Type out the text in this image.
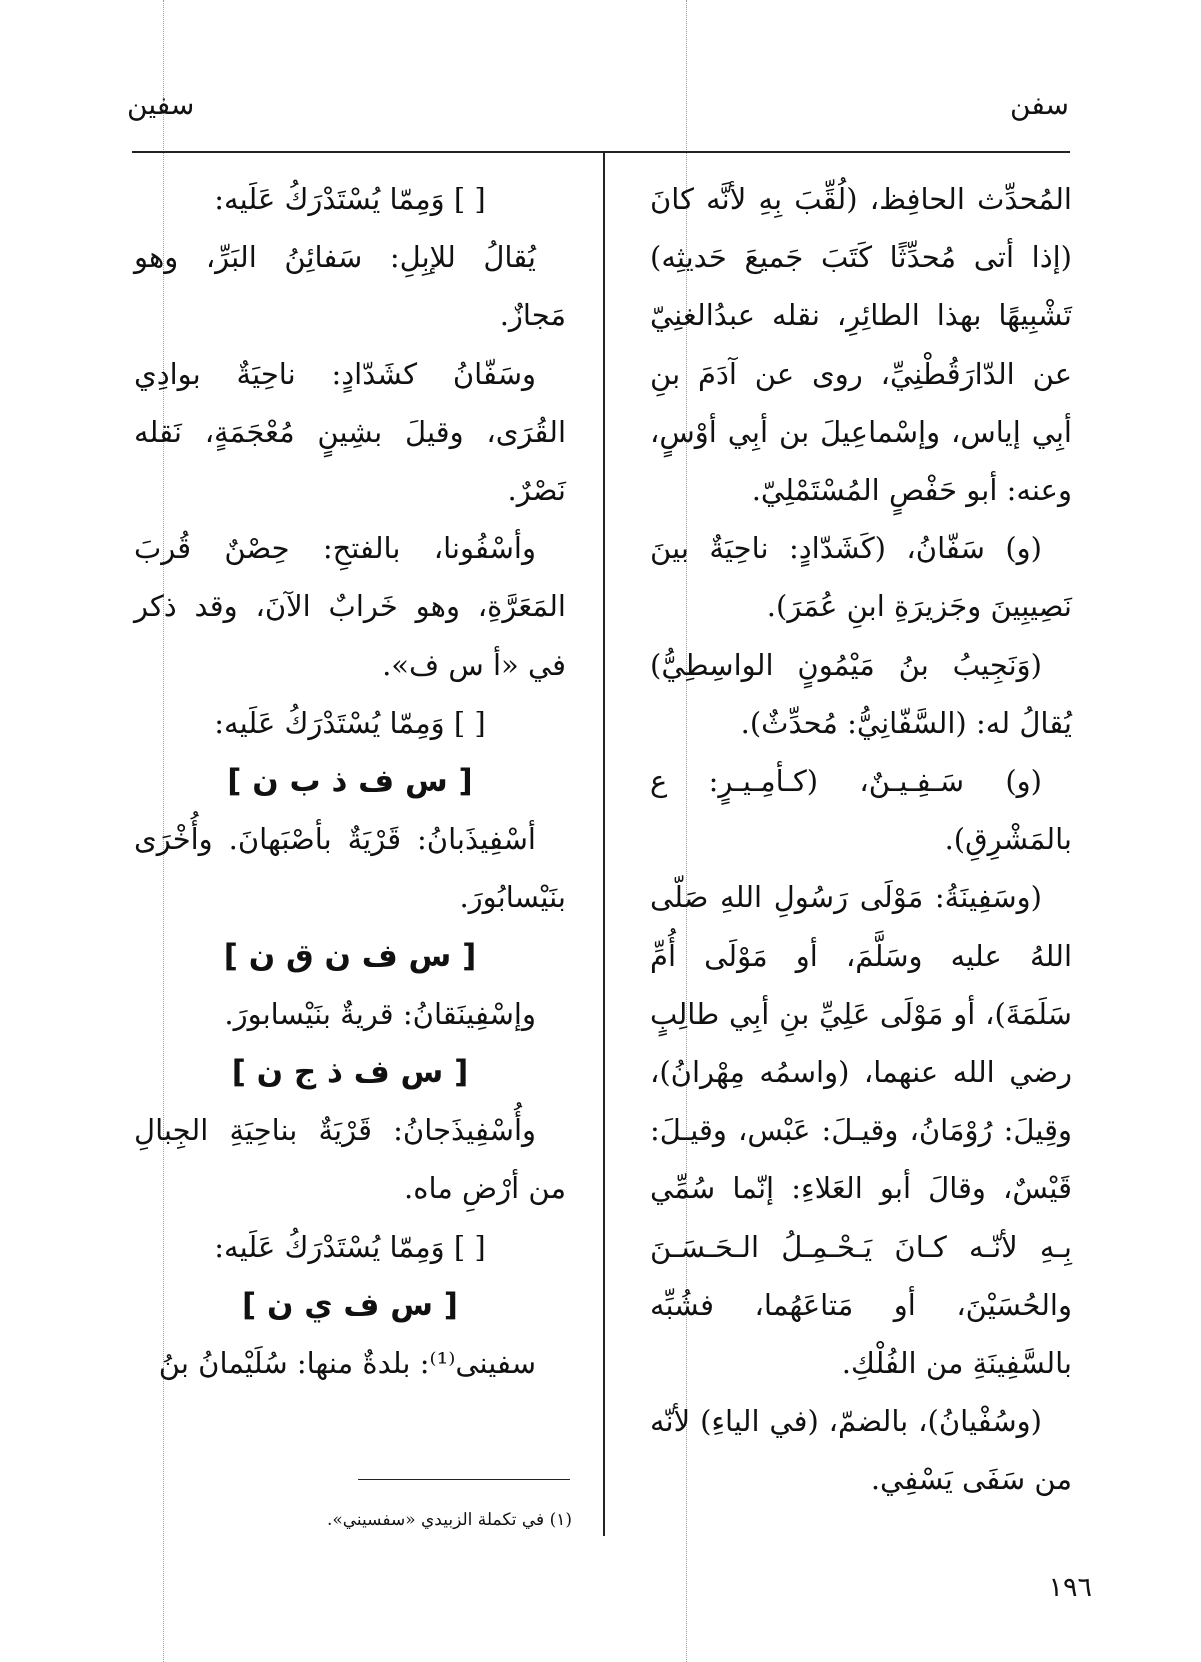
سفن
سفين

المُحدِّث الحافِظ، (لُقِّبَ بِهِ لأنَّه كانَ (إذا أتى مُحدِّثًا كَتَبَ جَميعَ حَديثِه) تَشْبِيهًا بهذا الطائِرِ، نقله عبدُالغنِيّ عن الدّارَقُطْنِيِّ، روى عن آدَمَ بنِ أبِي إياس، وإسْماعِيلَ بن أبِي أوْسٍ، وعنه: أبو حَفْصٍ المُسْتَمْلِيّ.

(و) سَفّانُ، (كَشَدّادٍ: ناحِيَةٌ بينَ نَصِيبِينَ وجَزيرَةِ ابنِ عُمَرَ).

(وَنَجِيبُ بنُ مَيْمُونٍ الواسِطِيُّ) يُقالُ له: (السَّفّانِيُّ: مُحدِّثٌ).

(و) سَـفِـيـنٌ، (كـأمِـيـرٍ: ع بالمَشْرِقِ).

(وسَفِينَةُ: مَوْلَى رَسُولِ اللهِ صَلّى اللهُ عليه وسَلَّمَ، أو مَوْلَى أُمِّ سَلَمَةَ)، أو مَوْلَى عَلِيِّ بنِ أبِي طالِبٍ رضي الله عنهما، (واسمُه مِهْرانُ)، وقِيلَ: رُوْمَانُ، وقيـلَ: عَبْس، وقيـلَ: قَيْسٌ، وقالَ أبو العَلاءِ: إنّما سُمِّي بِـهِ لأنّـه كـانَ يَـحْـمِـلُ الـحَـسَـنَ والحُسَيْنَ، أو مَتاعَهُما، فشُبِّه بالسَّفِينَةِ من الفُلْكِ.

(وسُفْيانُ)، بالضمّ، (في الياءِ) لأنّه من سَفَى يَسْفِي.

[ ] وَمِمّا يُسْتَدْرَكُ عَلَيه:

يُقالُ للإبِلِ: سَفائِنُ البَرِّ، وهو مَجازٌ.

وسَفّانُ كشَدّادٍ: ناحِيَةٌ بوادِي القُرَى، وقيلَ بشِينٍ مُعْجَمَةٍ، نَقله نَصْرٌ.

وأسْفُونا، بالفتحِ: حِصْنٌ قُربَ المَعَرَّةِ، وهو خَرابٌ الآنَ، وقد ذكر في «أ س ف».

[ ] وَمِمّا يُسْتَدْرَكُ عَلَيه:

[ س ف ذ ب ن ]

أسْفِيذَبانُ: قَرْيَةٌ بأصْبَهانَ. وأُخْرَى بنَيْسابُورَ.

[ س ف ن ق ن ]

وإسْفِينَقانُ: قريةٌ بنَيْسابورَ.

[ س ف ذ ج ن ]

وأُسْفِيذَجانُ: قَرْيَةٌ بناحِيَةِ الجِبالِ من أرْضِ ماه.

[ ] وَمِمّا يُسْتَدْرَكُ عَلَيه:

[ س ف ي ن ]

سفينى⁽¹⁾: بلدةٌ منها: سُلَيْمانُ بنُ

(١) في تكملة الزبيدي «سفسيني».
١٩٦
